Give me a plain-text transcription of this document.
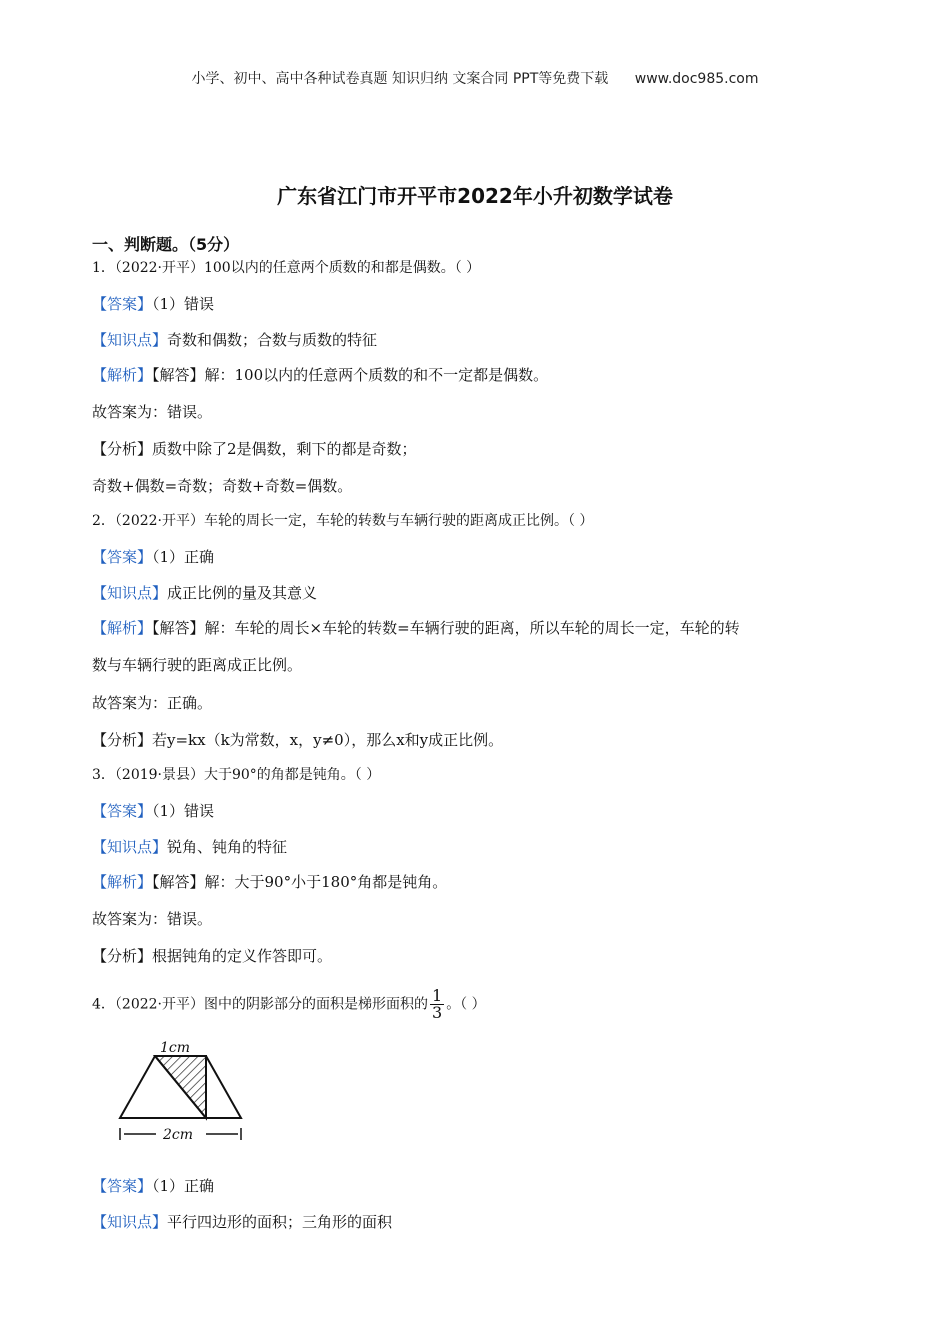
小学、初中、高中各种试卷真题 知识归纳 文案合同 PPT等免费下载 www.doc985.com
广东省江门市开平市2022年小升初数学试卷
一、判断题。（5分）
1．（2022·开平）100以内的任意两个质数的和都是偶数。（ ）
【答案】（1）错误
【知识点】奇数和偶数；合数与质数的特征
【解析】【解答】解：100以内的任意两个质数的和不一定都是偶数。
故答案为：错误。
【分析】质数中除了2是偶数，剩下的都是奇数；
奇数+偶数=奇数；奇数+奇数=偶数。
2．（2022·开平）车轮的周长一定，车轮的转数与车辆行驶的距离成正比例。（ ）
【答案】（1）正确
【知识点】成正比例的量及其意义
【解析】【解答】解：车轮的周长×车轮的转数=车辆行驶的距离，所以车轮的周长一定，车轮的转
数与车辆行驶的距离成正比例。
故答案为：正确。
【分析】若y=kx（k为常数，x，y≠0），那么x和y成正比例。
3．（2019·景县）大于90°的角都是钝角。（ ）
【答案】（1）错误
【知识点】锐角、钝角的特征
【解析】【解答】解：大于90°小于180°角都是钝角。
故答案为：错误。
【分析】根据钝角的定义作答即可。
4．（2022·开平）图中的阴影部分的面积是梯形面积的 $\frac{1}{3}$ 。（ ）
1cm
2cm
【答案】（1）正确
【知识点】平行四边形的面积；三角形的面积
